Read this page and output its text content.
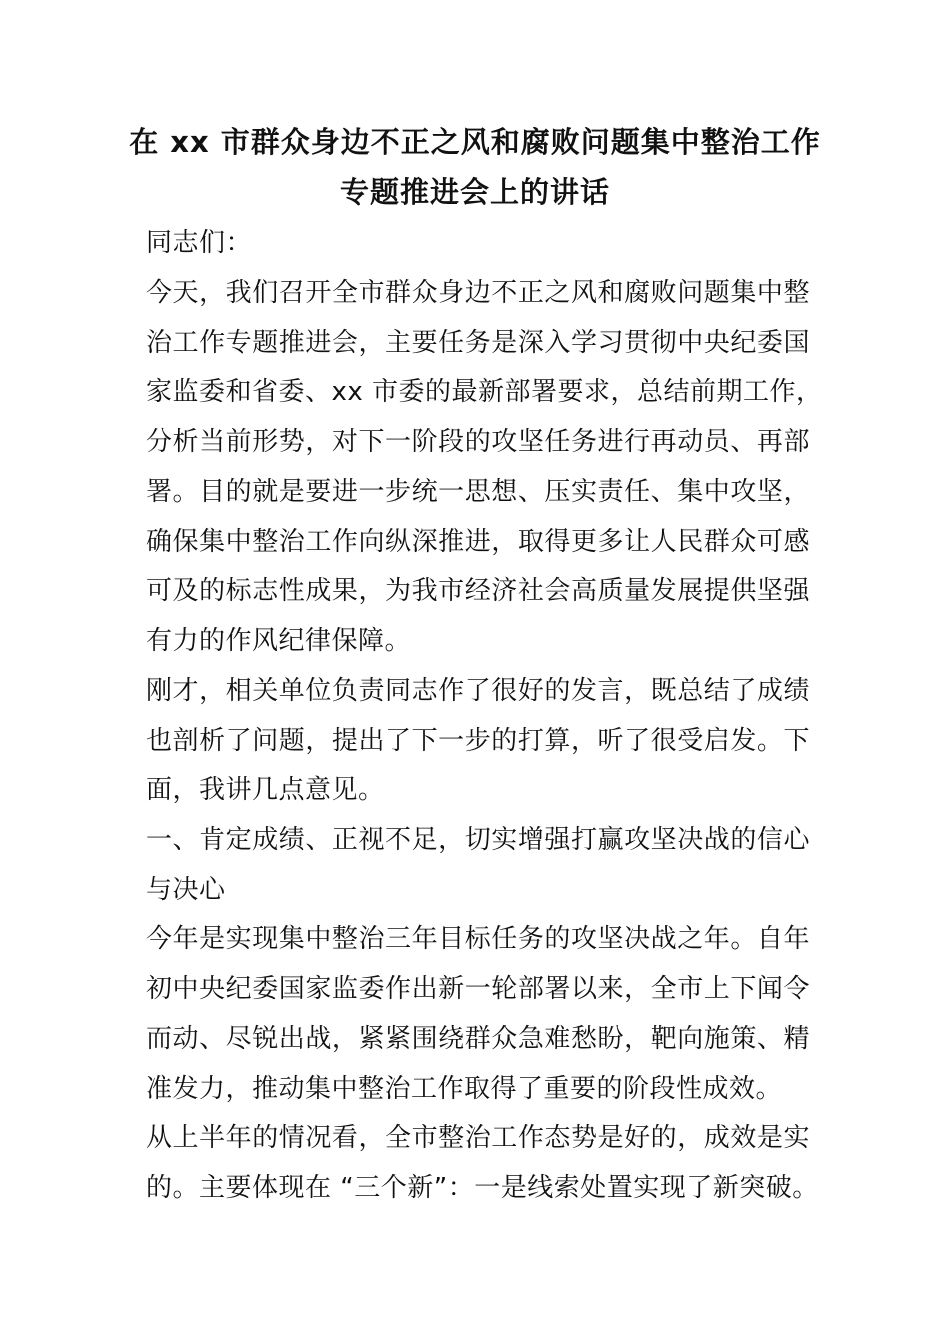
在 xx 市群众身边不正之风和腐败问题集中整治工作
专题推进会上的讲话
同志们：
今天，我们召开全市群众身边不正之风和腐败问题集中整
治工作专题推进会，主要任务是深入学习贯彻中央纪委国
家监委和省委、xx 市委的最新部署要求，总结前期工作，
分析当前形势，对下一阶段的攻坚任务进行再动员、再部
署。目的就是要进一步统一思想、压实责任、集中攻坚，
确保集中整治工作向纵深推进，取得更多让人民群众可感
可及的标志性成果，为我市经济社会高质量发展提供坚强
有力的作风纪律保障。
刚才，相关单位负责同志作了很好的发言，既总结了成绩
也剖析了问题，提出了下一步的打算，听了很受启发。下
面，我讲几点意见。
一、肯定成绩、正视不足，切实增强打赢攻坚决战的信心
与决心
今年是实现集中整治三年目标任务的攻坚决战之年。自年
初中央纪委国家监委作出新一轮部署以来，全市上下闻令
而动、尽锐出战，紧紧围绕群众急难愁盼，靶向施策、精
准发力，推动集中整治工作取得了重要的阶段性成效。
从上半年的情况看，全市整治工作态势是好的，成效是实
的。主要体现在 “三个新”：一是线索处置实现了新突破。
